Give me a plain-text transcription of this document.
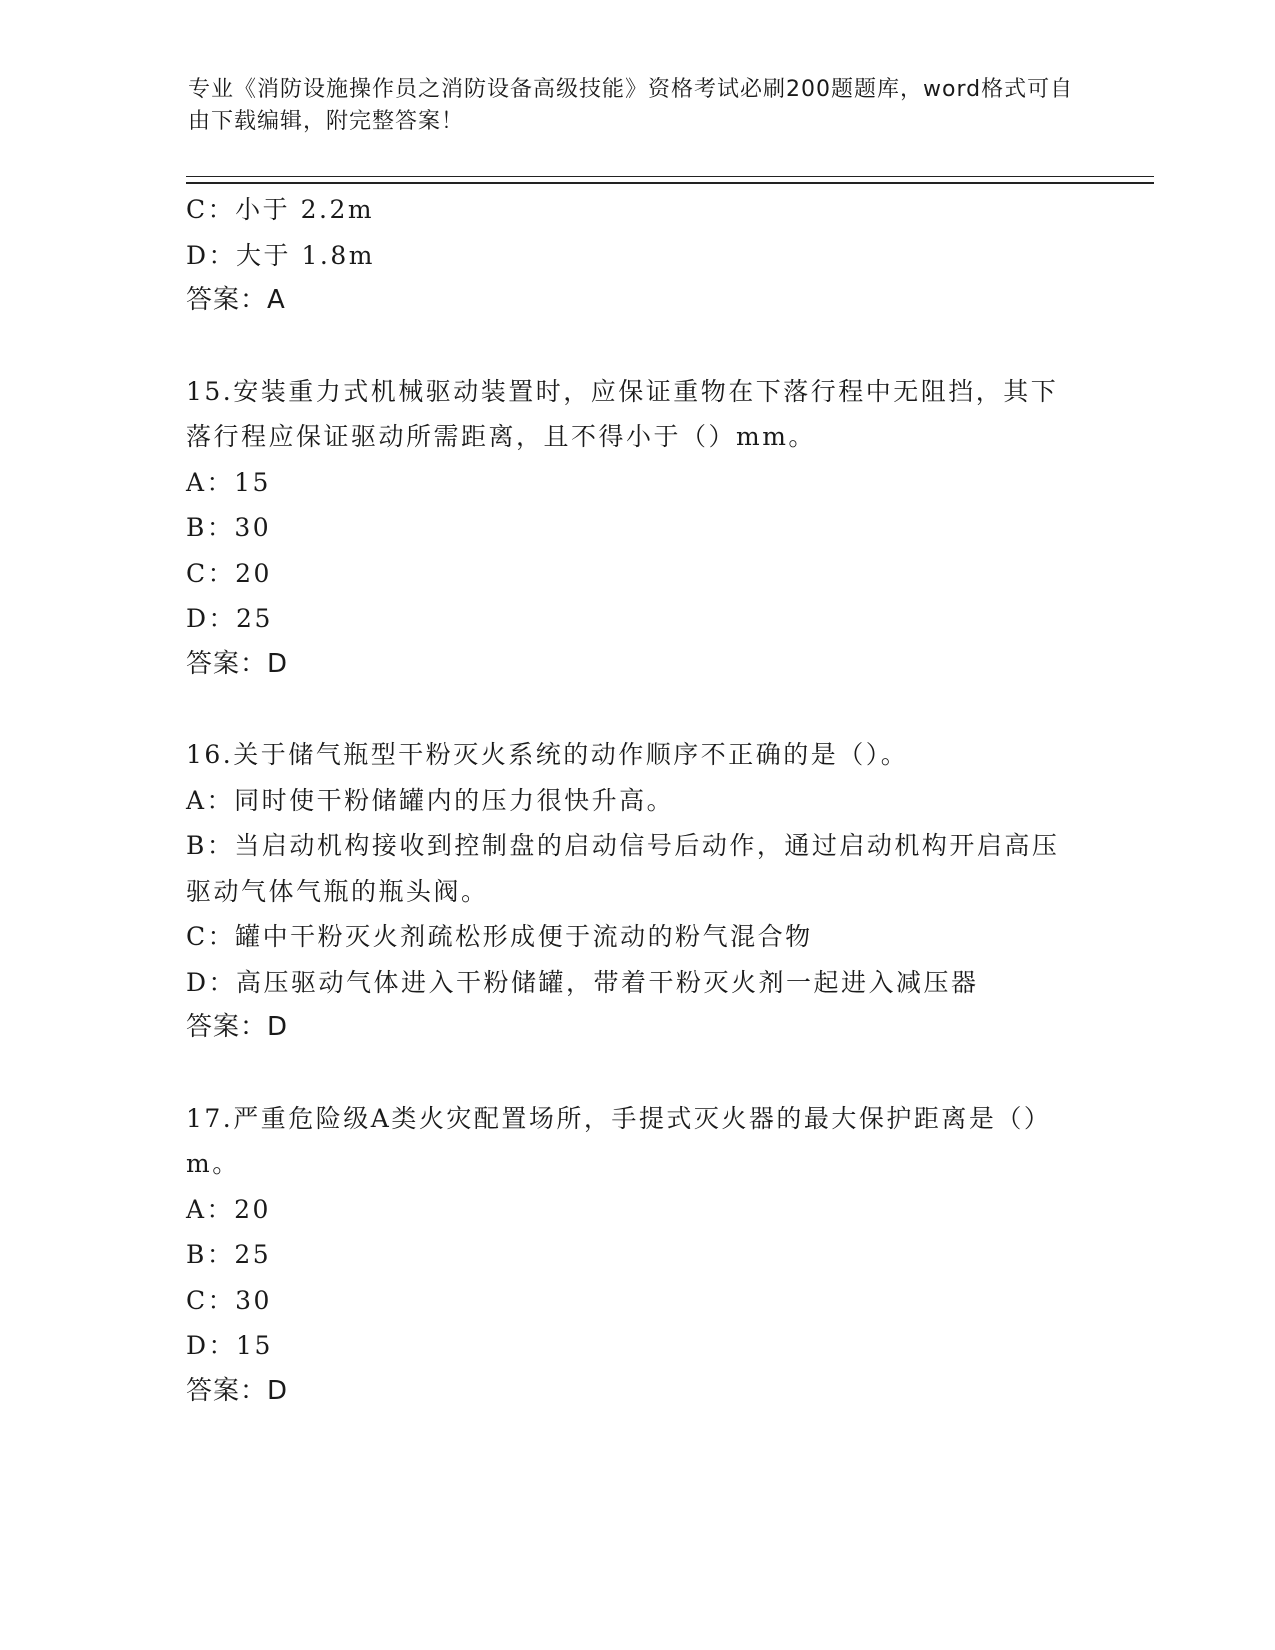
专业《消防设施操作员之消防设备高级技能》资格考试必刷200题题库，word格式可自由下载编辑，附完整答案！
C：小于 2.2m
D：大于 1.8m
答案：A
15.安装重力式机械驱动装置时，应保证重物在下落行程中无阻挡，其下落行程应保证驱动所需距离，且不得小于（）mm。
A：15
B：30
C：20
D：25
答案：D
16.关于储气瓶型干粉灭火系统的动作顺序不正确的是（）。
A：同时使干粉储罐内的压力很快升高。
B：当启动机构接收到控制盘的启动信号后动作，通过启动机构开启高压驱动气体气瓶的瓶头阀。
C：罐中干粉灭火剂疏松形成便于流动的粉气混合物
D：高压驱动气体进入干粉储罐，带着干粉灭火剂一起进入减压器
答案：D
17.严重危险级A类火灾配置场所，手提式灭火器的最大保护距离是（）m。
A：20
B：25
C：30
D：15
答案：D
